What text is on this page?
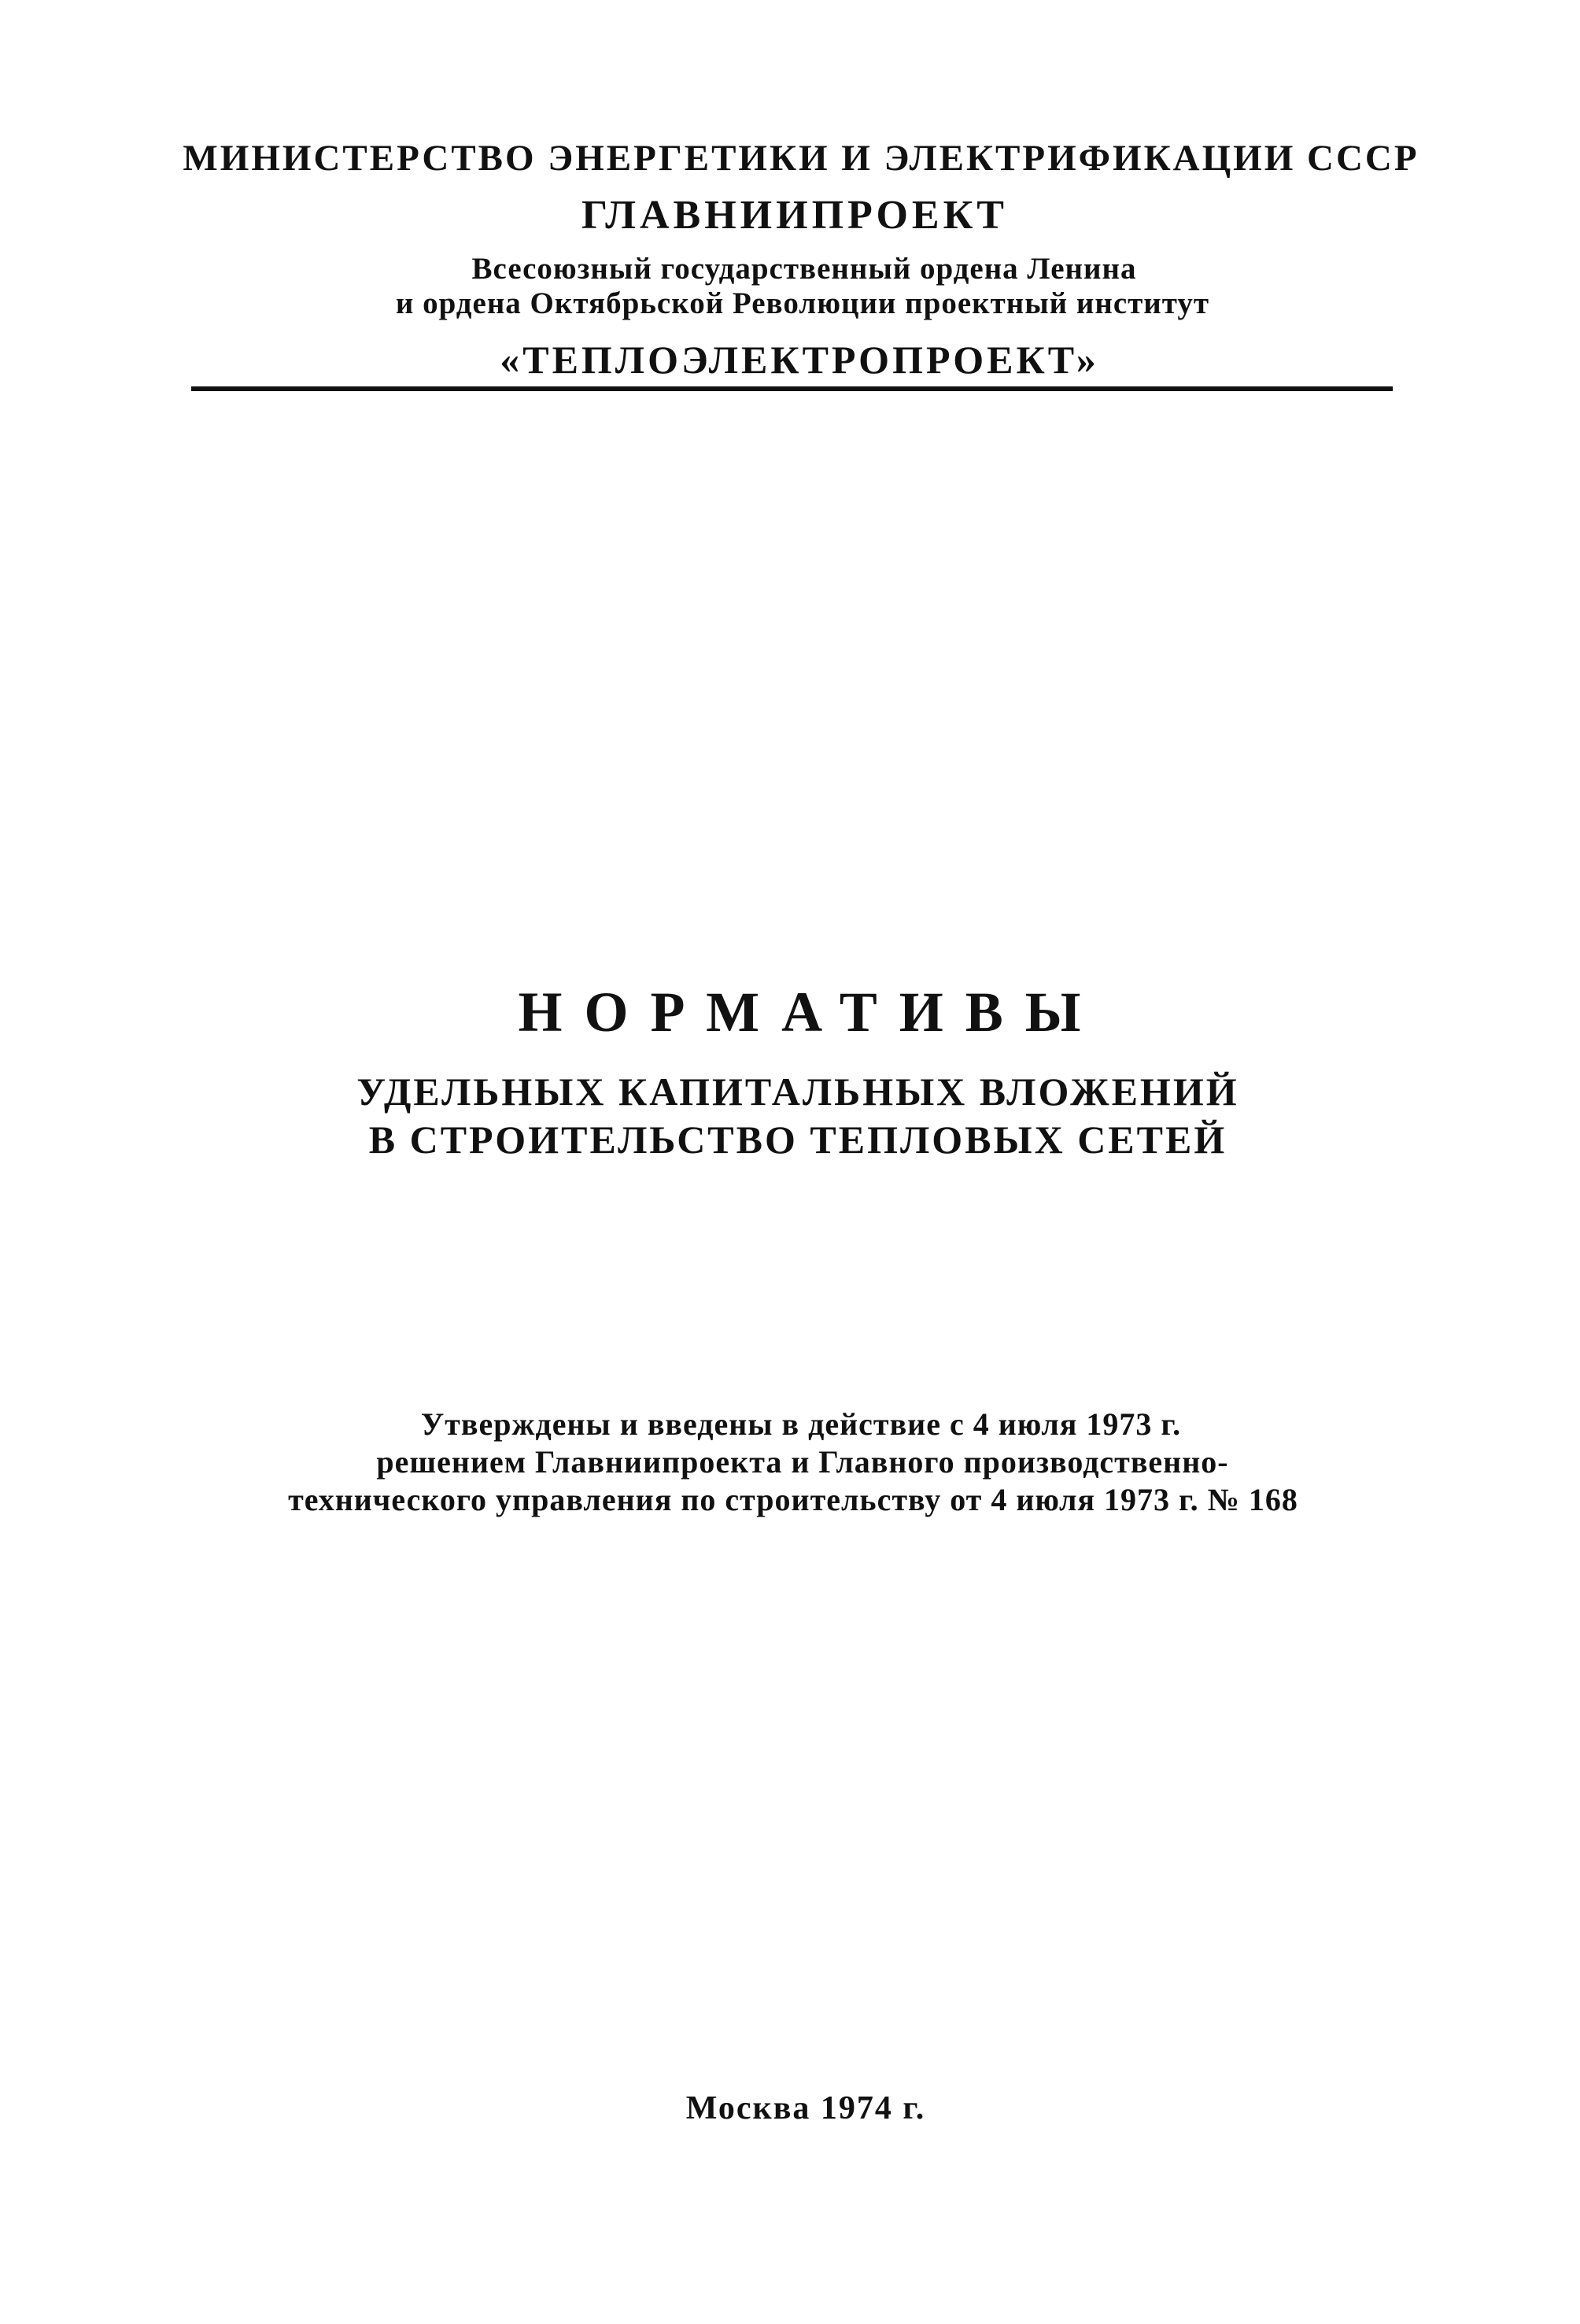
МИНИСТЕРСТВО ЭНЕРГЕТИКИ И ЭЛЕКТРИФИКАЦИИ СССР
ГЛАВНИИПРОЕКТ
Всесоюзный государственный ордена Ленина
и ордена Октябрьской Революции проектный институт
«ТЕПЛОЭЛЕКТРОПРОЕКТ»
НОРМАТИВЫ
УДЕЛЬНЫХ КАПИТАЛЬНЫХ ВЛОЖЕНИЙ
В СТРОИТЕЛЬСТВО ТЕПЛОВЫХ СЕТЕЙ
Утверждены и введены в действие с 4 июля 1973 г.
решением Главниипроекта и Главного производственно-
технического управления по строительству от 4 июля 1973 г. № 168
Москва 1974 г.
